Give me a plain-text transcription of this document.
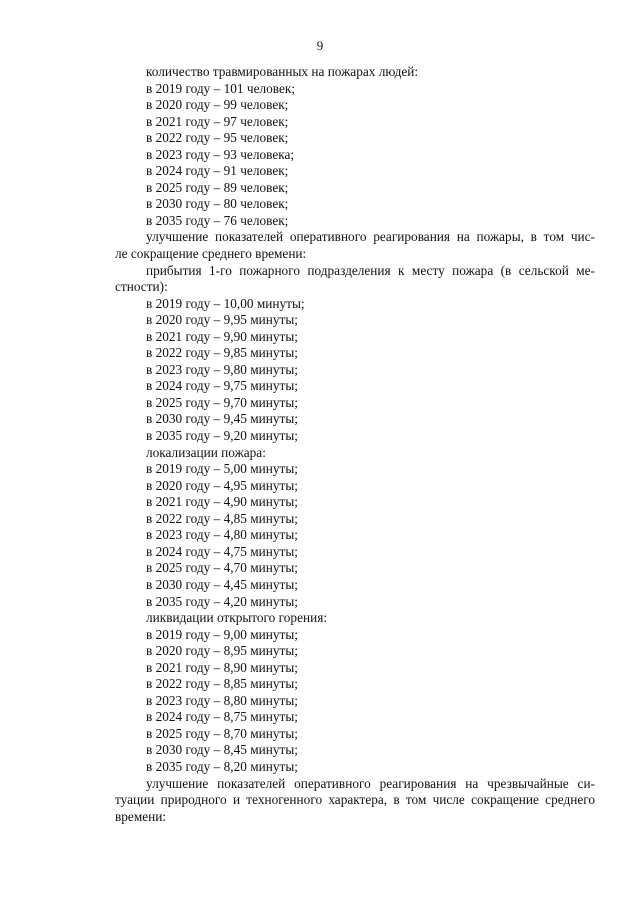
9
количество травмированных на пожарах людей:
в 2019 году – 101 человек;
в 2020 году – 99 человек;
в 2021 году – 97 человек;
в 2022 году – 95 человек;
в 2023 году – 93 человека;
в 2024 году – 91 человек;
в 2025 году – 89 человек;
в 2030 году – 80 человек;
в 2035 году – 76 человек;
улучшение показателей оперативного реагирования на пожары, в том чис-
ле сокращение среднего времени:
прибытия 1-го пожарного подразделения к месту пожара (в сельской ме-
стности):
в 2019 году – 10,00 минуты;
в 2020 году – 9,95 минуты;
в 2021 году – 9,90 минуты;
в 2022 году – 9,85 минуты;
в 2023 году – 9,80 минуты;
в 2024 году – 9,75 минуты;
в 2025 году – 9,70 минуты;
в 2030 году – 9,45 минуты;
в 2035 году – 9,20 минуты;
локализации пожара:
в 2019 году – 5,00 минуты;
в 2020 году – 4,95 минуты;
в 2021 году – 4,90 минуты;
в 2022 году – 4,85 минуты;
в 2023 году – 4,80 минуты;
в 2024 году – 4,75 минуты;
в 2025 году – 4,70 минуты;
в 2030 году – 4,45 минуты;
в 2035 году – 4,20 минуты;
ликвидации открытого горения:
в 2019 году – 9,00 минуты;
в 2020 году – 8,95 минуты;
в 2021 году – 8,90 минуты;
в 2022 году – 8,85 минуты;
в 2023 году – 8,80 минуты;
в 2024 году – 8,75 минуты;
в 2025 году – 8,70 минуты;
в 2030 году – 8,45 минуты;
в 2035 году – 8,20 минуты;
улучшение показателей оперативного реагирования на чрезвычайные си-
туации природного и техногенного характера, в том числе сокращение среднего
времени:
